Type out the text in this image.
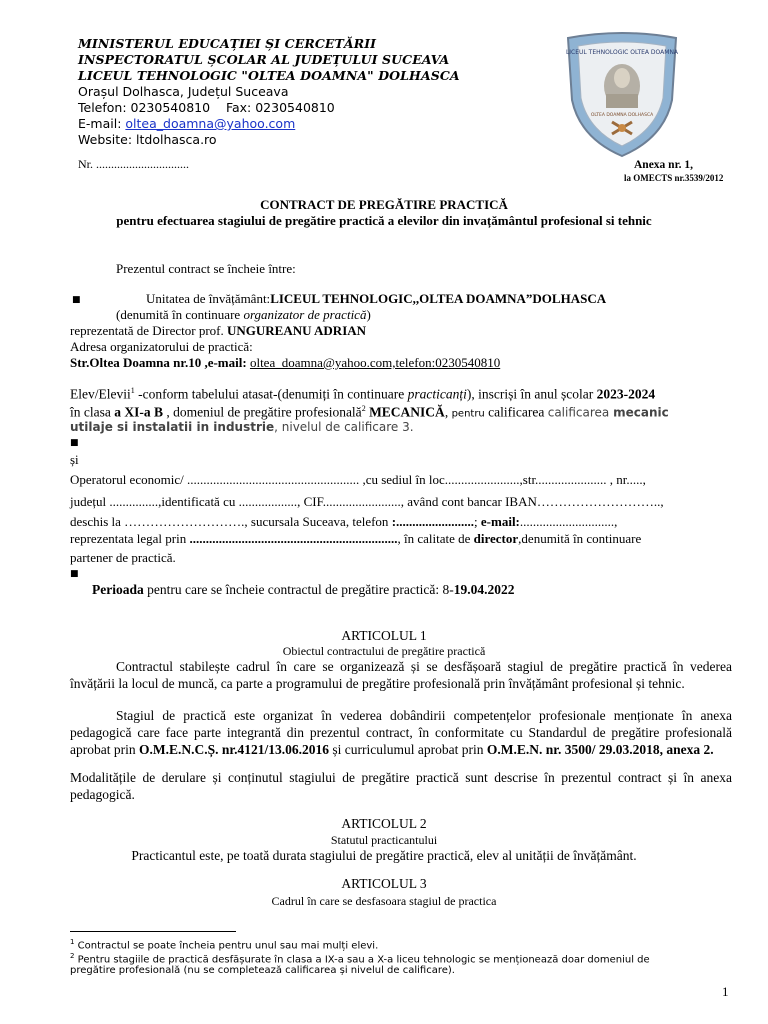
MINISTERUL EDUCAȚIEI ȘI CERCETĂRII
INSPECTORATUL ȘCOLAR AL JUDEȚULUI SUCEAVA
LICEUL TEHNOLOGIC "OLTEA DOAMNA" DOLHASCA
Orașul Dolhasca, Județul Suceava
Telefon: 0230540810    Fax: 0230540810
E-mail: oltea_doamna@yahoo.com
Website: ltdolhasca.ro
LICEUL TEHNOLOGIC OLTEA DOAMNA
OLTEA DOAMNA DOLHASCA
Nr. ...............................	Anexa nr. 1,
la OMECTS nr.3539/2012
CONTRACT DE PREGĂTIRE PRACTICĂ
pentru efectuarea stagiului de pregătire practică a elevilor din invațământul profesional si tehnic
Prezentul contract se încheie între:
■	Unitatea de învățământ:LICEUL TEHNOLOGIC,,OLTEA DOAMNA”DOLHASCA
(denumită în continuare organizator de practică)
reprezentată de Director prof. UNGUREANU ADRIAN
Adresa organizatorului de practică:
Str.Oltea Doamna nr.10 ,e-mail: oltea_doamna@yahoo.com,telefon:0230540810
Elev/Elevii$^1$ -conform tabelului atasat-(denumiți în continuare practicanți), inscriși în anul școlar 2023-2024
în clasa a XI-a B , domeniul de pregătire profesională$^2$ MECANICĂ, pentru calificarea calificarea mecanic
utilaje si instalatii in industrie, nivelul de calificare 3.
■
și
Operatorul economic/ ..................................................... ,cu sediul în loc.......................,str...................... , nr.....,
județul ...............,identificată cu .................., CIF........................, având cont bancar IBAN………………………..,
deschis la ………………………., sucursala Suceava, telefon :........................; e-mail:.............................,
reprezentata legal prin ................................................................, în calitate de director,denumită în continuare
partener de practică.
■
Perioada pentru care se încheie contractul de pregătire practică: 8-19.04.2022
ARTICOLUL 1
Obiectul contractului de pregătire practică
Contractul stabilește cadrul în care se organizează și se desfășoară stagiul de pregătire practică în vederea învățării la locul de muncă, ca parte a programului de pregătire profesională prin învățământ profesional și tehnic.
Stagiul de practică este organizat în vederea dobândirii competențelor profesionale menționate în anexa pedagogică care face parte integrantă din prezentul contract, în conformitate cu Standardul de pregătire profesională aprobat prin O.M.E.N.C.Ș. nr.4121/13.06.2016 și curriculumul aprobat prin O.M.E.N. nr. 3500/ 29.03.2018, anexa 2.
Modalitățile de derulare și conținutul stagiului de pregătire practică sunt descrise în prezentul contract și în anexa pedagogică.
ARTICOLUL 2
Statutul practicantului
Practicantul este, pe toată durata stagiului de pregătire practică, elev al unității de învățământ.
ARTICOLUL 3
Cadrul în care se desfasoara stagiul de practica
$^1$ Contractul se poate încheia pentru unul sau mai mulți elevi.
$^2$ Pentru stagiile de practică desfășurate în clasa a IX-a sau a X-a liceu tehnologic se menționează doar domeniul de
pregătire profesională (nu se completează calificarea și nivelul de calificare).
1
